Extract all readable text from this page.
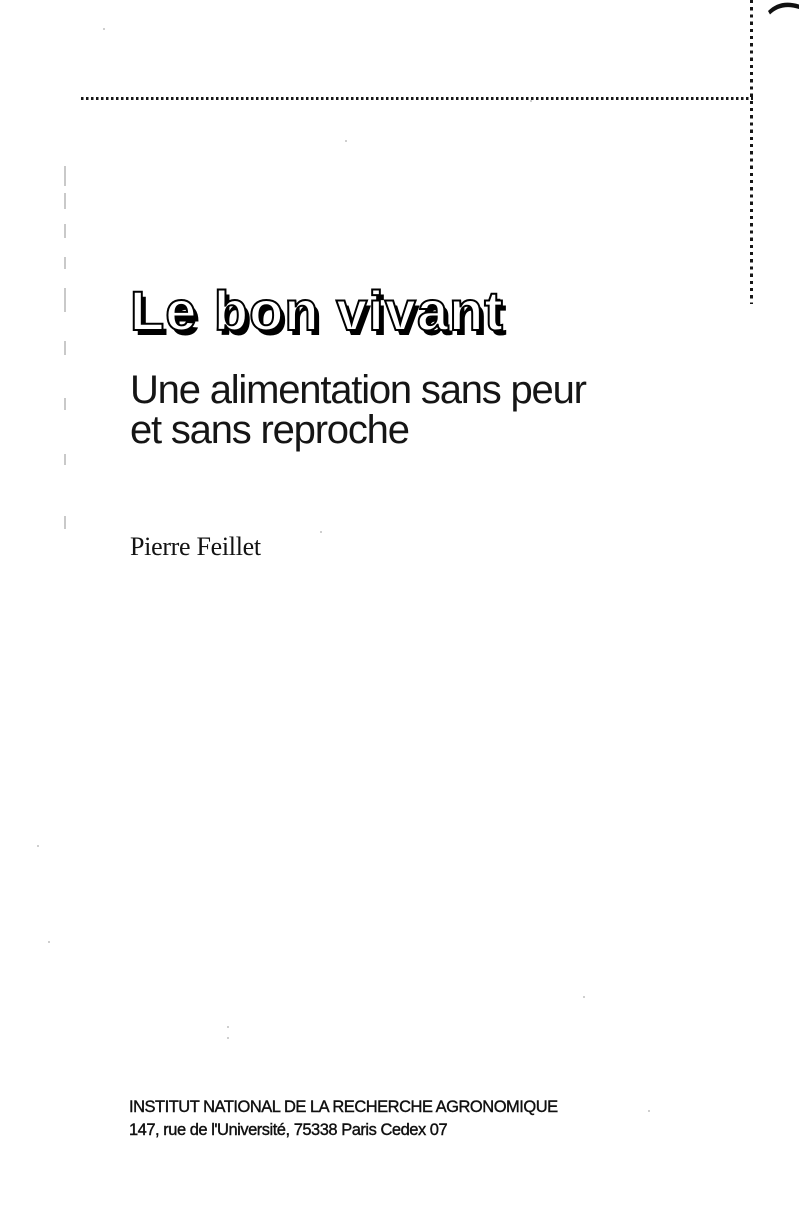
Le bon vivant
Une alimentation sans peur
et sans reproche
Pierre Feillet
INSTITUT NATIONAL DE LA RECHERCHE AGRONOMIQUE
147, rue de l'Université, 75338 Paris Cedex 07
